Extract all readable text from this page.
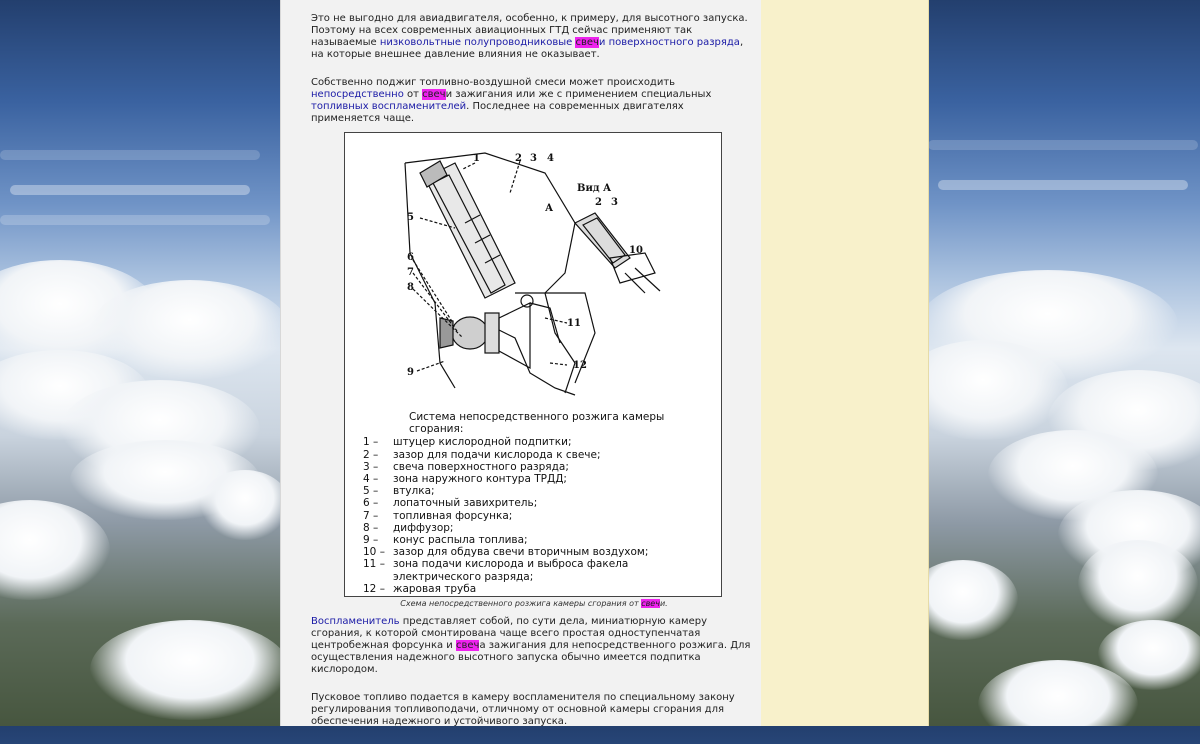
Это не выгодно для авиадвигателя, особенно, к примеру, для высотного запуска. Поэтому на всех современных авиационных ГТД сейчас применяют так называемые низковольтные полупроводниковые свечи поверхностного разряда, на которые внешнее давление влияния не оказывает.

Собственно поджиг топливно-воздушной смеси может происходить непосредственно от свечи зажигания или же с применением специальных топливных воспламенителей. Последнее на современных двигателях применяется чаще.

1	2 3 4
5
6
7
8
9
11
12
А
Вид А
2 3
10
Система непосредственного розжига камеры сгорания:
1 –	штуцер кислородной подпитки;
2 –	зазор для подачи кислорода к свече;
3 –	свеча поверхностного разряда;
4 –	зона наружного контура ТРДД;
5 –	втулка;
6 –	лопаточный завихритель;
7 –	топливная форсунка;
8 –	диффузор;
9 –	конус распыла топлива;
10 – зазор для обдува свечи вторичным воздухом;
11 – зона подачи кислорода и выброса факела электрического разряда;
12 – жаровая труба
Схема непосредственного розжига камеры сгорания от свечи.

Воспламенитель представляет собой, по сути дела, миниатюрную камеру сгорания, к которой смонтирована чаще всего простая одноступенчатая центробежная форсунка и свеча зажигания для непосредственного розжига. Для осуществления надежного высотного запуска обычно имеется подпитка кислородом.

Пусковое топливо подается в камеру воспламенителя по специальному закону регулирования топливоподачи, отличному от основной камеры сгорания для обеспечения надежного и устойчивого запуска.
